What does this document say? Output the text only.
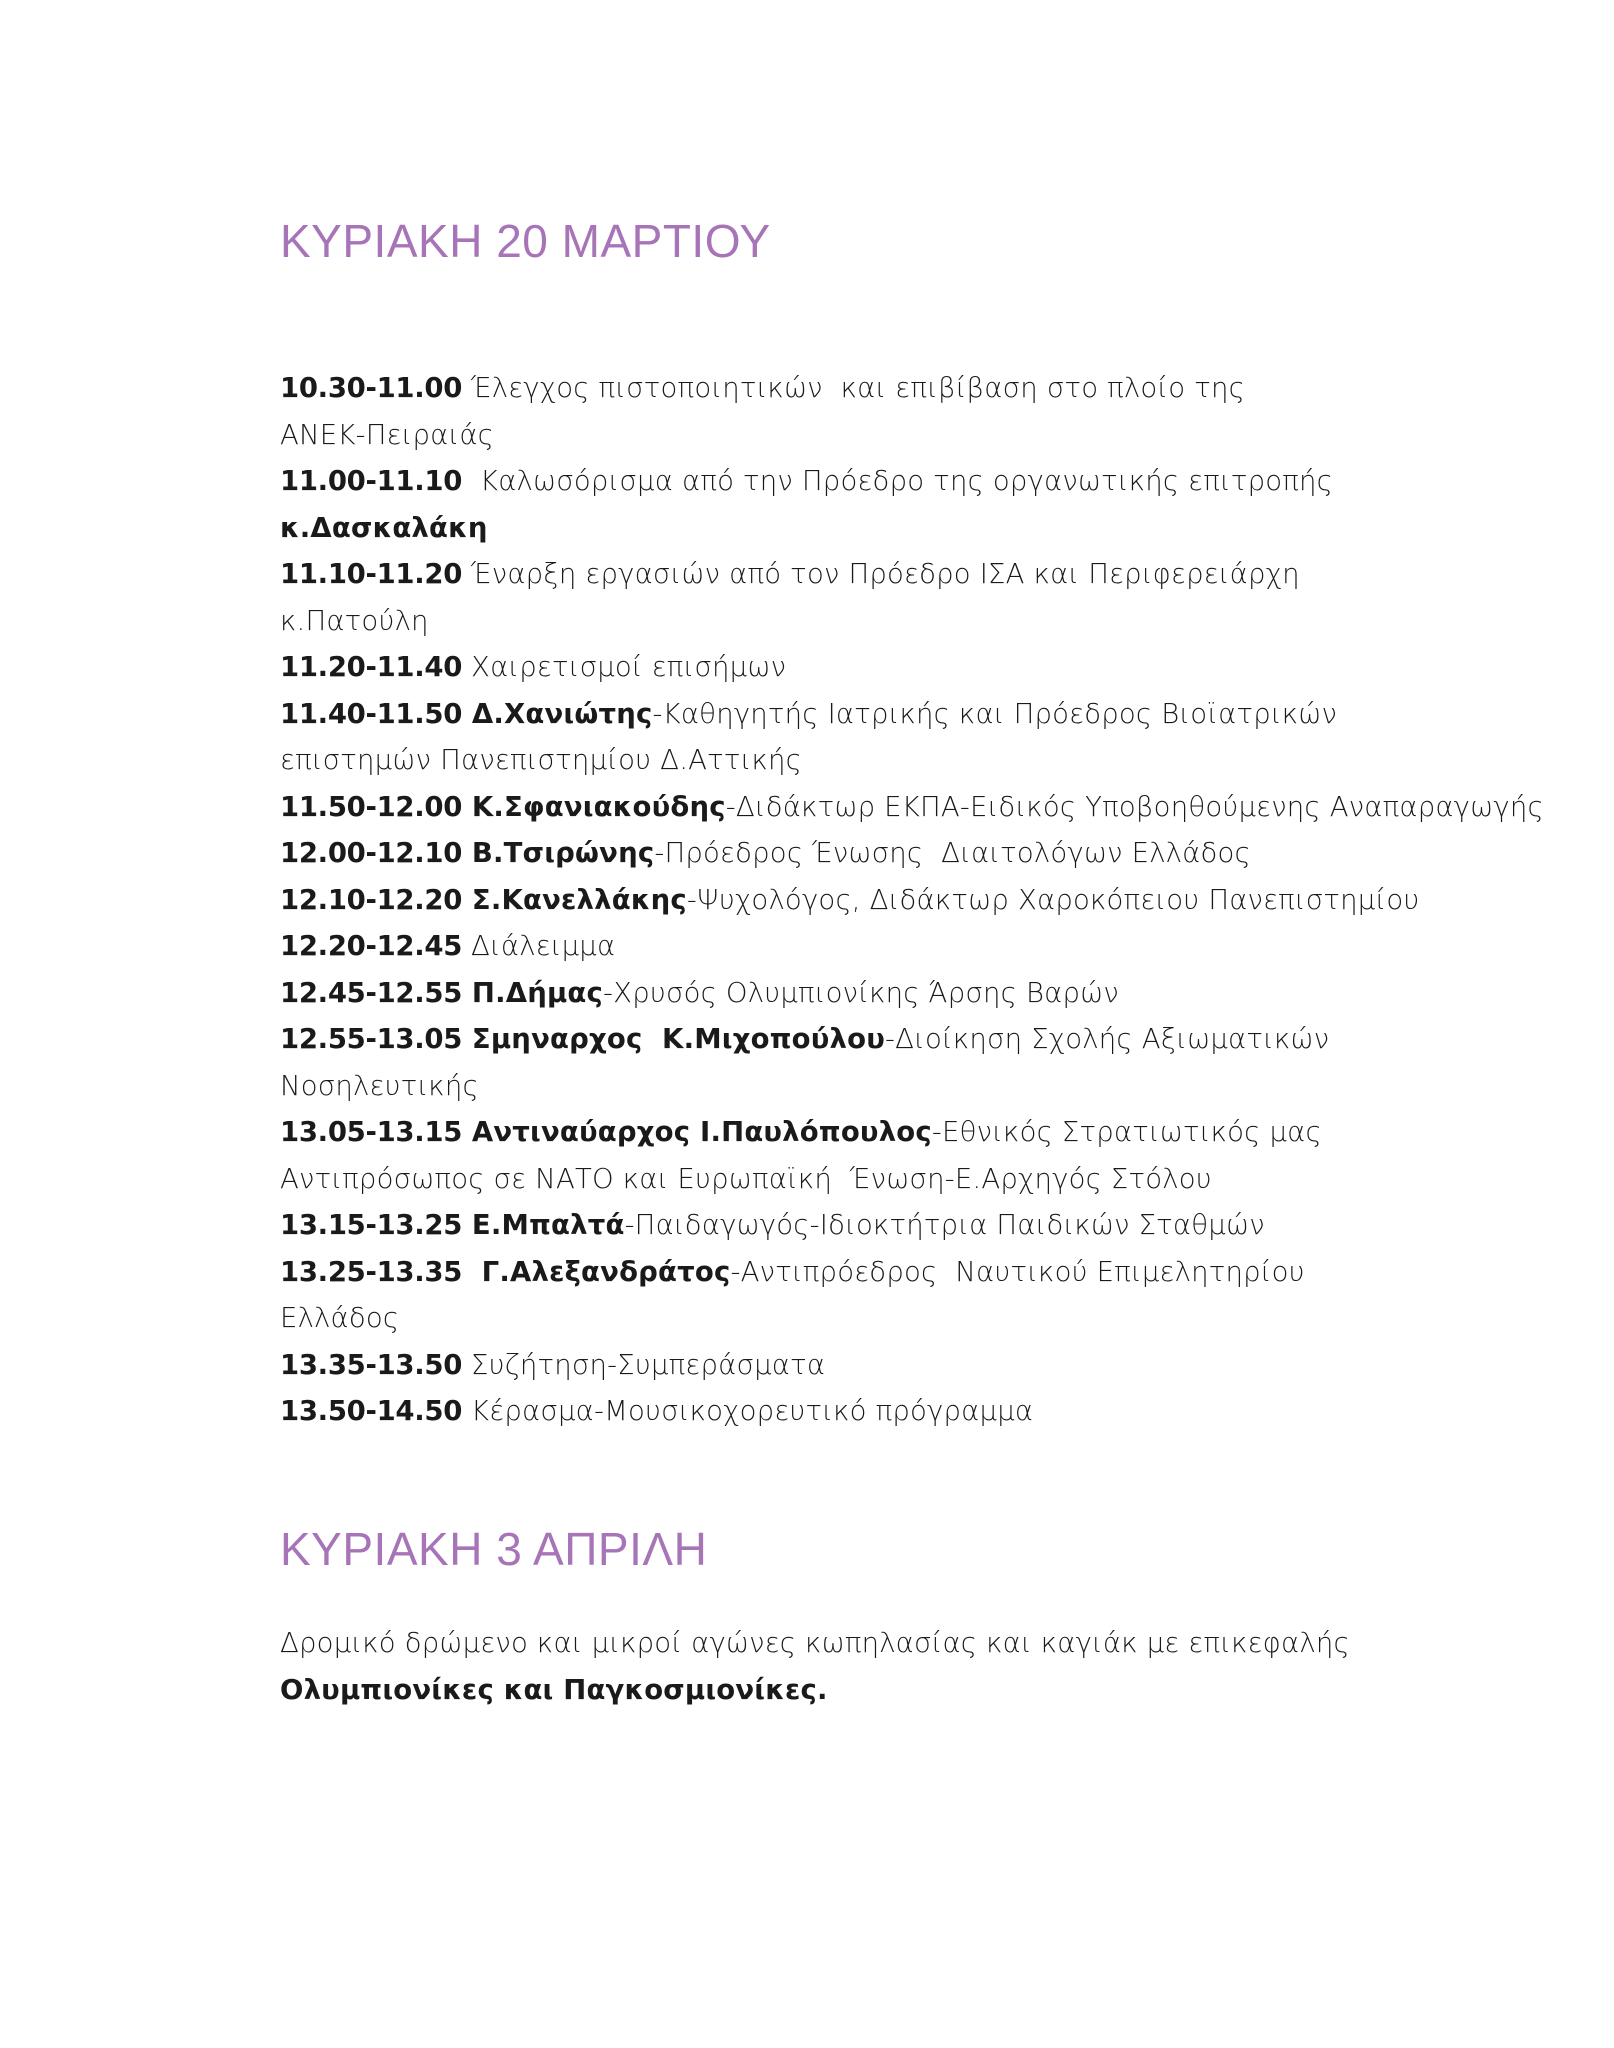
ΚΥΡΙΑΚΗ 20 ΜΑΡΤΙΟΥ
10.30-11.00 Έλεγχος πιστοποιητικών  και επιβίβαση στο πλοίο της
ΑΝΕΚ-Πειραιάς
11.00-11.10  Καλωσόρισμα από την Πρόεδρο της οργανωτικής επιτροπής
κ.Δασκαλάκη
11.10-11.20 Έναρξη εργασιών από τον Πρόεδρο ΙΣΑ και Περιφερειάρχη
κ.Πατούλη
11.20-11.40 Χαιρετισμοί επισήμων
11.40-11.50 Δ.Χανιώτης-Καθηγητής Ιατρικής και Πρόεδρος Βιοϊατρικών
επιστημών Πανεπιστημίου Δ.Αττικής
11.50-12.00 Κ.Σφανιακούδης-Διδάκτωρ ΕΚΠΑ-Ειδικός Υποβοηθούμενης Αναπαραγωγής
12.00-12.10 Β.Τσιρώνης-Πρόεδρος Ένωσης  Διαιτολόγων Ελλάδος
12.10-12.20 Σ.Κανελλάκης-Ψυχολόγος, Διδάκτωρ Χαροκόπειου Πανεπιστημίου
12.20-12.45 Διάλειμμα
12.45-12.55 Π.Δήμας-Χρυσός Ολυμπιονίκης Άρσης Βαρών
12.55-13.05 Σμηναρχος  Κ.Μιχοπούλου-Διοίκηση Σχολής Αξιωματικών
Νοσηλευτικής
13.05-13.15 Αντιναύαρχος Ι.Παυλόπουλος-Εθνικός Στρατιωτικός μας
Αντιπρόσωπος σε ΝΑΤΟ και Ευρωπαϊκή  Ένωση-Ε.Αρχηγός Στόλου
13.15-13.25 Ε.Μπαλτά-Παιδαγωγός-Ιδιοκτήτρια Παιδικών Σταθμών
13.25-13.35  Γ.Αλεξανδράτος-Αντιπρόεδρος  Ναυτικού Επιμελητηρίου
Ελλάδος
13.35-13.50 Συζήτηση-Συμπεράσματα
13.50-14.50 Κέρασμα-Μουσικοχορευτικό πρόγραμμα
ΚΥΡΙΑΚΗ 3 ΑΠΡΙΛΗ
Δρομικό δρώμενο και μικροί αγώνες κωπηλασίας και καγιάκ με επικεφαλής
Ολυμπιονίκες και Παγκοσμιονίκες.
